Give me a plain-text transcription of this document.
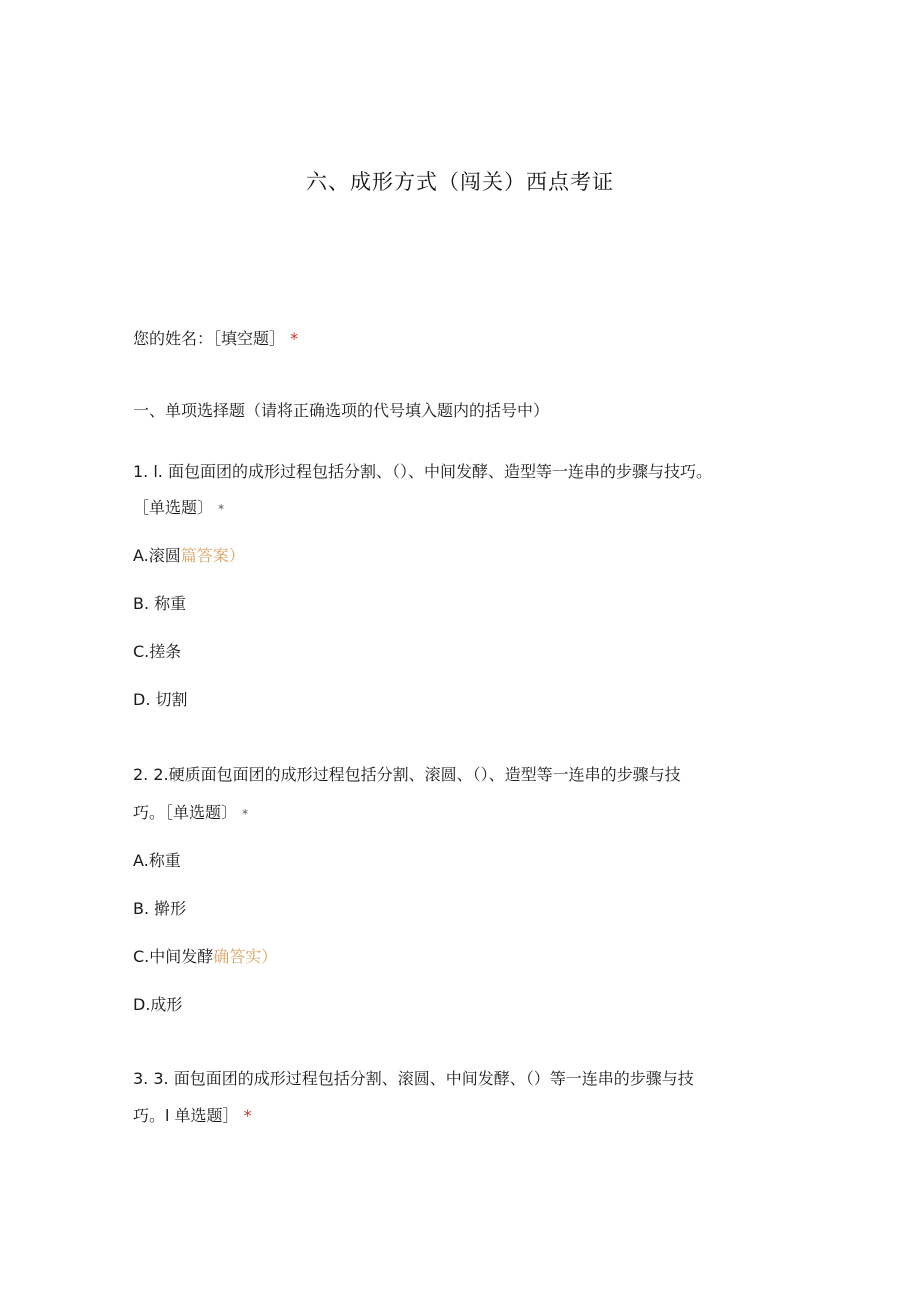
六、成形方式（闯关）西点考证
您的姓名：［填空题］ *
一、单项选择题（请将正确选项的代号填入题内的括号中）
1. l. 面包面团的成形过程包括分割、（）、中间发酵、造型等一连串的步骤与技巧。
［单选题〕 *
A.滚圆篇答案）
B. 称重
C.搓条
D. 切割
2. 2.硬质面包面团的成形过程包括分割、滚圆、（）、造型等一连串的步骤与技
巧。［单选题〕 *
A.称重
B. 擀形
C.中间发酵确答实）
D.成形
3. 3. 面包面团的成形过程包括分割、滚圆、中间发酵、（）等一连串的步骤与技
巧。l 单选题］ *
